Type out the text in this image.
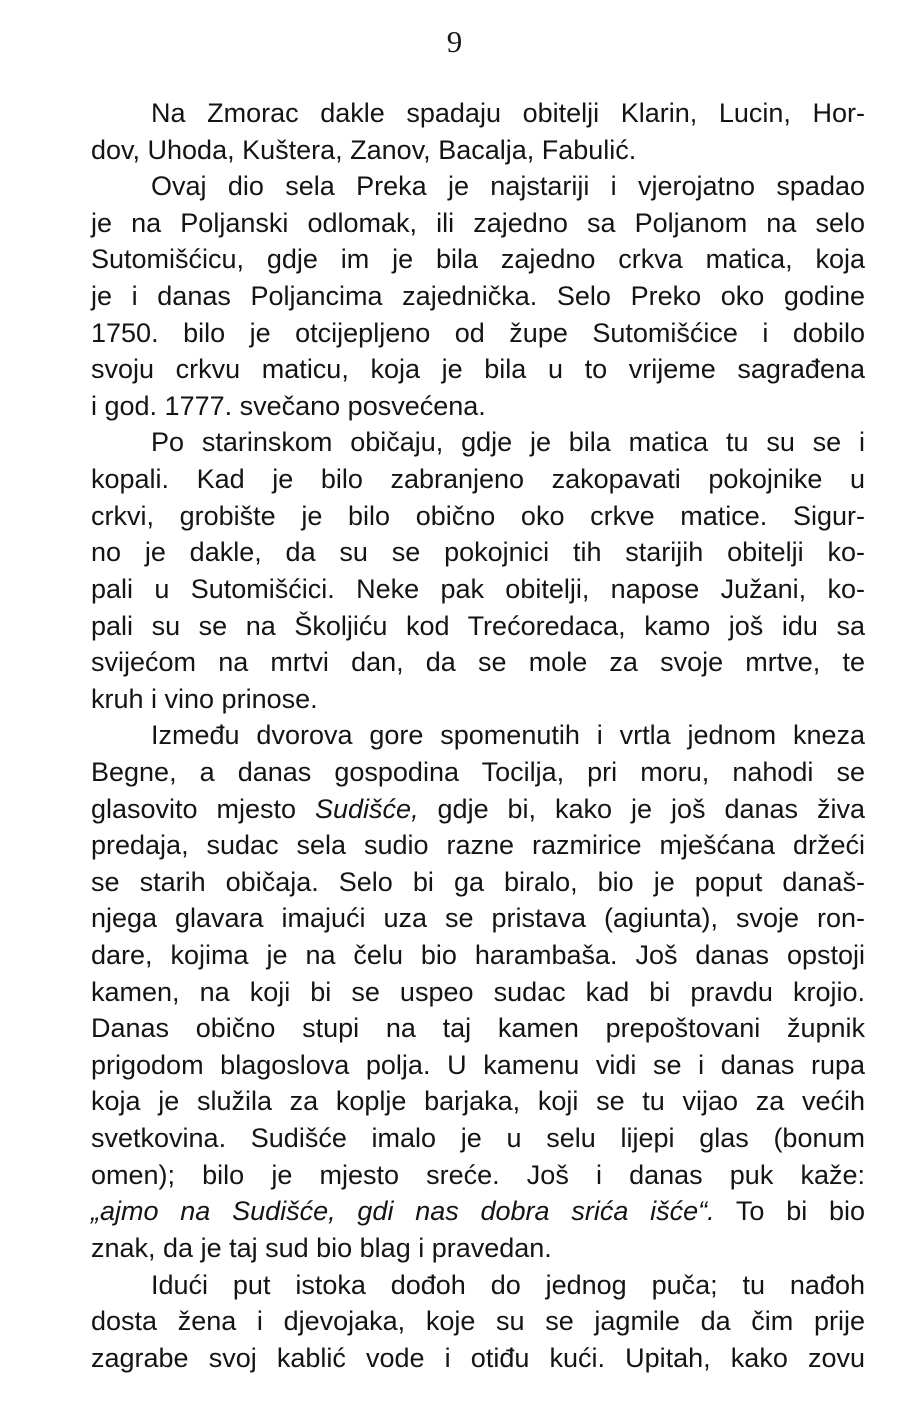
9
Na Zmorac dakle spadaju obitelji Klarin, Lucin, Hor-
dov, Uhoda, Kuštera, Zanov, Bacalja, Fabulić.
Ovaj dio sela Preka je najstariji i vjerojatno spadao
je na Poljanski odlomak, ili zajedno sa Poljanom na selo
Sutomišćicu, gdje im je bila zajedno crkva matica, koja
je i danas Poljancima zajednička. Selo Preko oko godine
1750. bilo je otcijepljeno od župe Sutomišćice i dobilo
svoju crkvu maticu, koja je bila u to vrijeme sagrađena
i god. 1777. svečano posvećena.
Po starinskom običaju, gdje je bila matica tu su se i
kopali. Kad je bilo zabranjeno zakopavati pokojnike u
crkvi, grobište je bilo obično oko crkve matice. Sigur-
no je dakle, da su se pokojnici tih starijih obitelji ko-
pali u Sutomišćici. Neke pak obitelji, napose Južani, ko-
pali su se na Školjiću kod Trećoredaca, kamo još idu sa
svijećom na mrtvi dan, da se mole za svoje mrtve, te
kruh i vino prinose.
Između dvorova gore spomenutih i vrtla jednom kneza
Begne, a danas gospodina Tocilja, pri moru, nahodi se
glasovito mjesto Sudišće, gdje bi, kako je još danas živa
predaja, sudac sela sudio razne razmirice mješćana držeći
se starih običaja. Selo bi ga biralo, bio je poput današ-
njega glavara imajući uza se pristava (agiunta), svoje ron-
dare, kojima je na čelu bio harambaša. Još danas opstoji
kamen, na koji bi se uspeo sudac kad bi pravdu krojio.
Danas obično stupi na taj kamen prepoštovani župnik
prigodom blagoslova polja. U kamenu vidi se i danas rupa
koja je služila za koplje barjaka, koji se tu vijao za većih
svetkovina. Sudišće imalo je u selu lijepi glas (bonum
omen); bilo je mjesto sreće. Još i danas puk kaže:
„ajmo na Sudišće, gdi nas dobra srića išće“. To bi bio
znak, da je taj sud bio blag i pravedan.
Idući put istoka dođoh do jednog puča; tu nađoh
dosta žena i djevojaka, koje su se jagmile da čim prije
zagrabe svoj kablić vode i otiđu kući. Upitah, kako zovu
